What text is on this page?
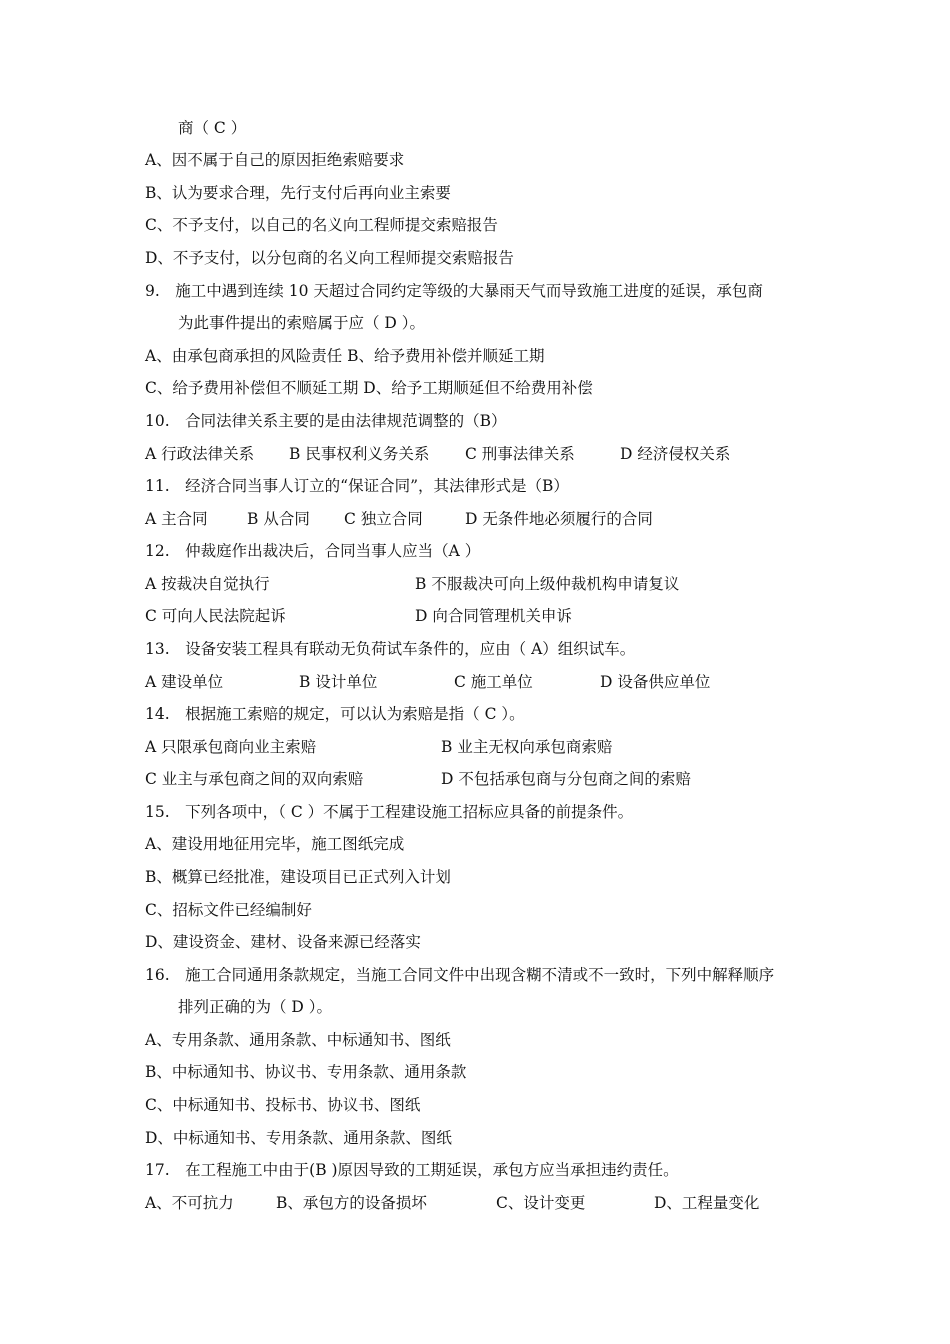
商（ C ）
A、因不属于自己的原因拒绝索赔要求
B、认为要求合理，先行支付后再向业主索要
C、不予支付，以自己的名义向工程师提交索赔报告
D、不予支付，以分包商的名义向工程师提交索赔报告
9.　施工中遇到连续 10 天超过合同约定等级的大暴雨天气而导致施工进度的延误，承包商
为此事件提出的索赔属于应（ D ）。
A、由承包商承担的风险责任 B、给予费用补偿并顺延工期
C、给予费用补偿但不顺延工期 D、给予工期顺延但不给费用补偿
10.　合同法律关系主要的是由法律规范调整的（B）
A 行政法律关系 B 民事权利义务关系 C 刑事法律关系	D 经济侵权关系
11.　经济合同当事人订立的“保证合同”，其法律形式是（B）
A 主合同	B 从合同 C 独立合同	D 无条件地必须履行的合同
12.　仲裁庭作出裁决后，合同当事人应当（A ）
A 按裁决自觉执行	B 不服裁决可向上级仲裁机构申请复议
C 可向人民法院起诉	D 向合同管理机关申诉
13.　设备安装工程具有联动无负荷试车条件的，应由（ A）组织试车。
A 建设单位	B 设计单位	C 施工单位	D 设备供应单位
14.　根据施工索赔的规定，可以认为索赔是指（ C ）。
A 只限承包商向业主索赔	B 业主无权向承包商索赔
C 业主与承包商之间的双向索赔	D 不包括承包商与分包商之间的索赔
15.　下列各项中，（ C ）不属于工程建设施工招标应具备的前提条件。
A、建设用地征用完毕，施工图纸完成
B、概算已经批准，建设项目已正式列入计划
C、招标文件已经编制好
D、建设资金、建材、设备来源已经落实
16.　施工合同通用条款规定，当施工合同文件中出现含糊不清或不一致时，下列中解释顺序
排列正确的为（ D ）。
A、专用条款、通用条款、中标通知书、图纸
B、中标通知书、协议书、专用条款、通用条款
C、中标通知书、投标书、协议书、图纸
D、中标通知书、专用条款、通用条款、图纸
17.　在工程施工中由于(B )原因导致的工期延误，承包方应当承担违约责任。
A、不可抗力	B、承包方的设备损坏	C、设计变更	D、工程量变化
